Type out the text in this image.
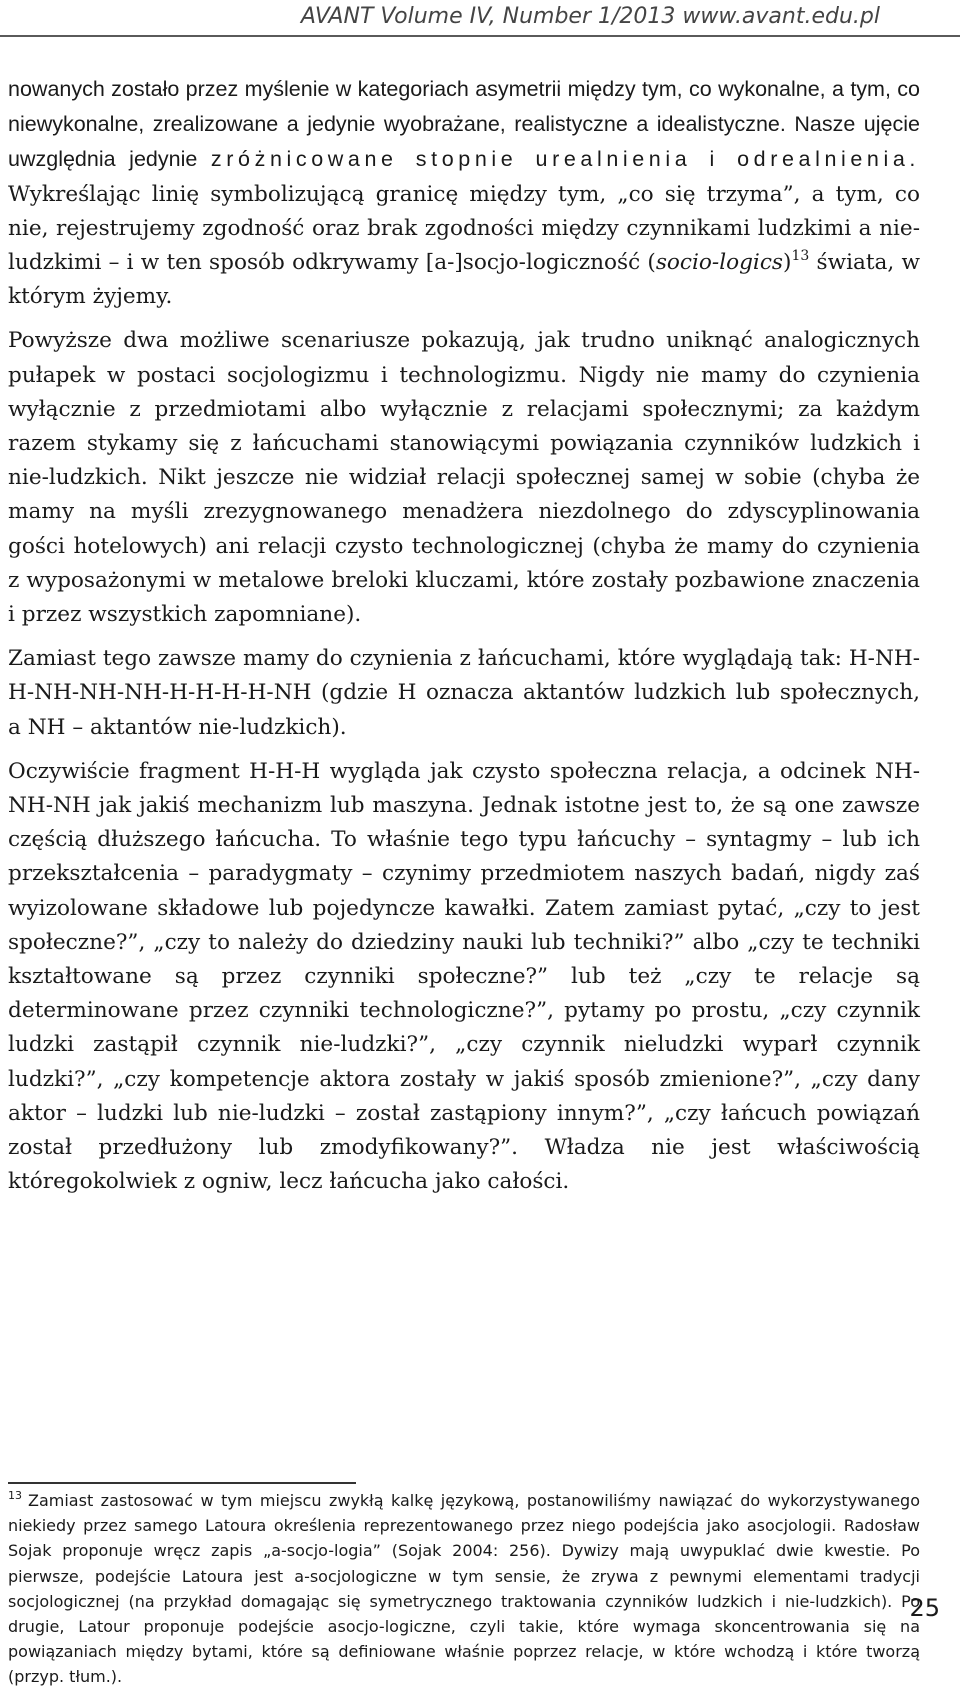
AVANT Volume IV, Number 1/2013 www.avant.edu.pl

nowanych zostało przez myślenie w kategoriach asymetrii między tym, co wykonalne, a tym, co niewykonalne, zrealizowane a jedynie wyobrażane, realistyczne a idealistyczne. Nasze ujęcie uwzględnia jedynie zróżnicowane stopnie urealnienia i odrealnienia. Wykreślając linię symbolizującą granicę między tym, „co się trzyma”, a tym, co nie, rejestrujemy zgodność oraz brak zgodności między czynnikami ludzkimi a nie-ludzkimi – i w ten sposób odkrywamy [a-]socjo-logiczność (socio-logics)$^{13}$ świata, w którym żyjemy.

Powyższe dwa możliwe scenariusze pokazują, jak trudno uniknąć analogicznych pułapek w postaci socjologizmu i technologizmu. Nigdy nie mamy do czynienia wyłącznie z przedmiotami albo wyłącznie z relacjami społecznymi; za każdym razem stykamy się z łańcuchami stanowiącymi powiązania czynników ludzkich i nie-ludzkich. Nikt jeszcze nie widział relacji społecznej samej w sobie (chyba że mamy na myśli zrezygnowanego menadżera niezdolnego do zdyscyplinowania gości hotelowych) ani relacji czysto technologicznej (chyba że mamy do czynienia z wyposażonymi w metalowe breloki kluczami, które zostały pozbawione znaczenia i przez wszystkich zapomniane).

Zamiast tego zawsze mamy do czynienia z łańcuchami, które wyglądają tak: H-NH-H-NH-NH-NH-H-H-H-H-NH (gdzie H oznacza aktantów ludzkich lub społecznych, a NH – aktantów nie-ludzkich).

Oczywiście fragment H-H-H wygląda jak czysto społeczna relacja, a odcinek NH-NH-NH jak jakiś mechanizm lub maszyna. Jednak istotne jest to, że są one zawsze częścią dłuższego łańcucha. To właśnie tego typu łańcuchy – syntagmy – lub ich przekształcenia – paradygmaty – czynimy przedmiotem naszych badań, nigdy zaś wyizolowane składowe lub pojedyncze kawałki. Zatem zamiast pytać, „czy to jest społeczne?”, „czy to należy do dziedziny nauki lub techniki?” albo „czy te techniki kształtowane są przez czynniki społeczne?” lub też „czy te relacje są determinowane przez czynniki technologiczne?”, pytamy po prostu, „czy czynnik ludzki zastąpił czynnik nie-ludzki?”, „czy czynnik nieludzki wyparł czynnik ludzki?”, „czy kompetencje aktora zostały w jakiś sposób zmienione?”, „czy dany aktor – ludzki lub nie-ludzki – został zastąpiony innym?”, „czy łańcuch powiązań został przedłużony lub zmodyfikowany?”. Władza nie jest właściwością któregokolwiek z ogniw, lecz łańcucha jako całości.

$^{13}$ Zamiast zastosować w tym miejscu zwykłą kalkę językową, postanowiliśmy nawiązać do wykorzystywanego niekiedy przez samego Latoura określenia reprezentowanego przez niego podejścia jako asocjologii. Radosław Sojak proponuje wręcz zapis „a-socjo-logia” (Sojak 2004: 256). Dywizy mają uwypuklać dwie kwestie. Po pierwsze, podejście Latoura jest a-socjologiczne w tym sensie, że zrywa z pewnymi elementami tradycji socjologicznej (na przykład domagając się symetrycznego traktowania czynników ludzkich i nie-ludzkich). Po drugie, Latour proponuje podejście asocjo-logiczne, czyli takie, które wymaga skoncentrowania się na powiązaniach między bytami, które są definiowane właśnie poprzez relacje, w które wchodzą i które tworzą (przyp. tłum.).

25
